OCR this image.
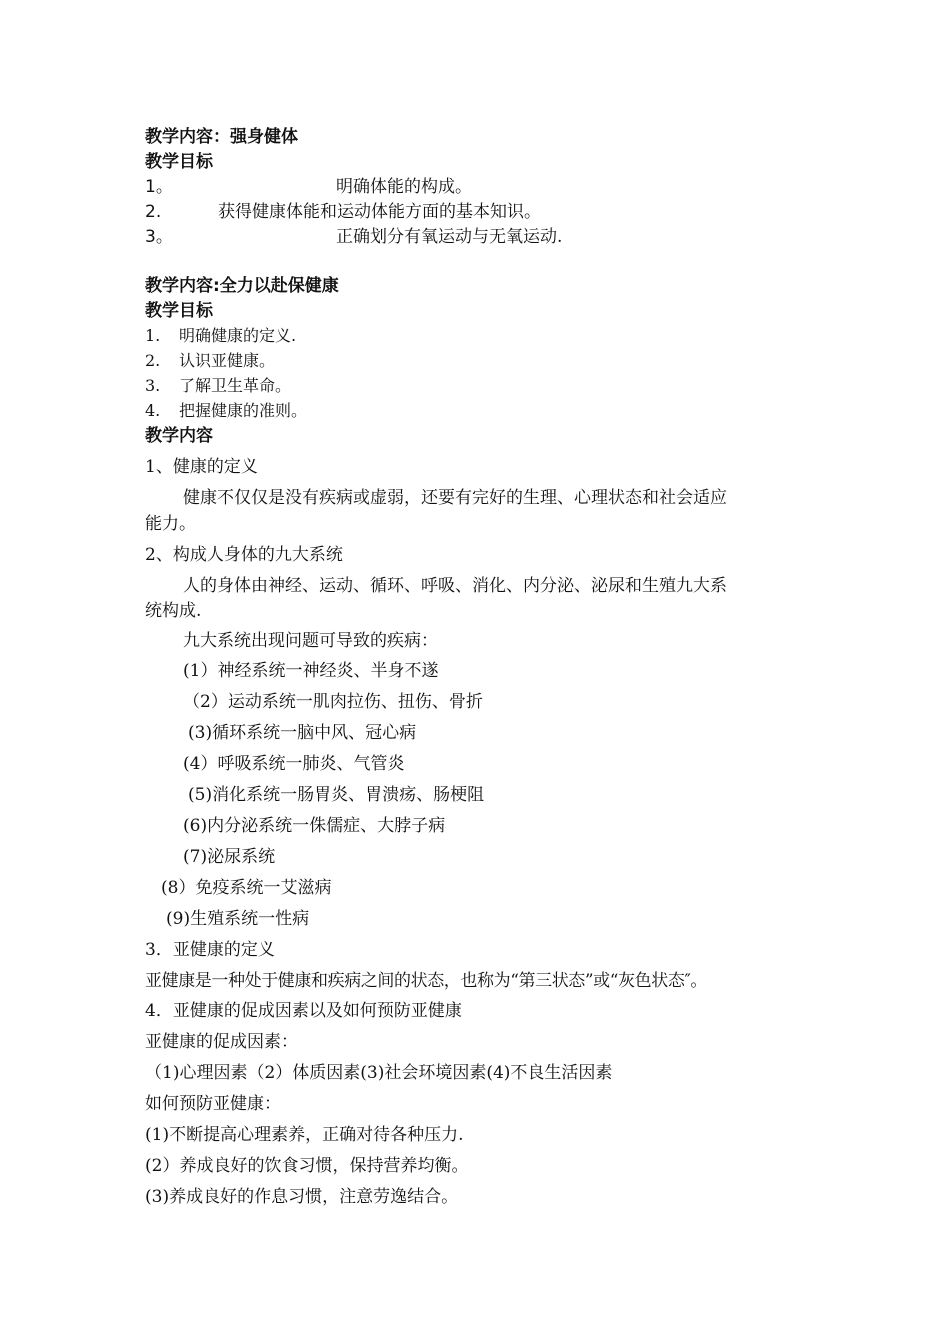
教学内容：强身健体
教学目标
1。	明确体能的构成。
2.	获得健康体能和运动体能方面的基本知识。
3。	正确划分有氧运动与无氧运动.
教学内容:全力以赴保健康
教学目标
1. 明确健康的定义.
2. 认识亚健康。
3. 了解卫生革命。
4. 把握健康的准则。
教学内容
1、健康的定义
健康不仅仅是没有疾病或虚弱，还要有完好的生理、心理状态和社会适应
能力。
2、构成人身体的九大系统
人的身体由神经、运动、循环、呼吸、消化、内分泌、泌尿和生殖九大系
统构成.
九大系统出现问题可导致的疾病：
(1）神经系统一神经炎、半身不遂
（2）运动系统一肌肉拉伤、扭伤、骨折
(3)循环系统一脑中风、冠心病
(4）呼吸系统一肺炎、气管炎
(5)消化系统一肠胃炎、胃溃疡、肠梗阻
(6)内分泌系统一侏儒症、大脖子病
(7)泌尿系统
(8）免疫系统一艾滋病
(9)生殖系统一性病
3．亚健康的定义
亚健康是一种处于健康和疾病之间的状态，也称为“第三状态”或“灰色状态″。
4．亚健康的促成因素以及如何预防亚健康
亚健康的促成因素：
（1)心理因素（2）体质因素(3)社会环境因素(4)不良生活因素
如何预防亚健康：
(1)不断提高心理素养，正确对待各种压力.
(2）养成良好的饮食习惯，保持营养均衡。
(3)养成良好的作息习惯，注意劳逸结合。
